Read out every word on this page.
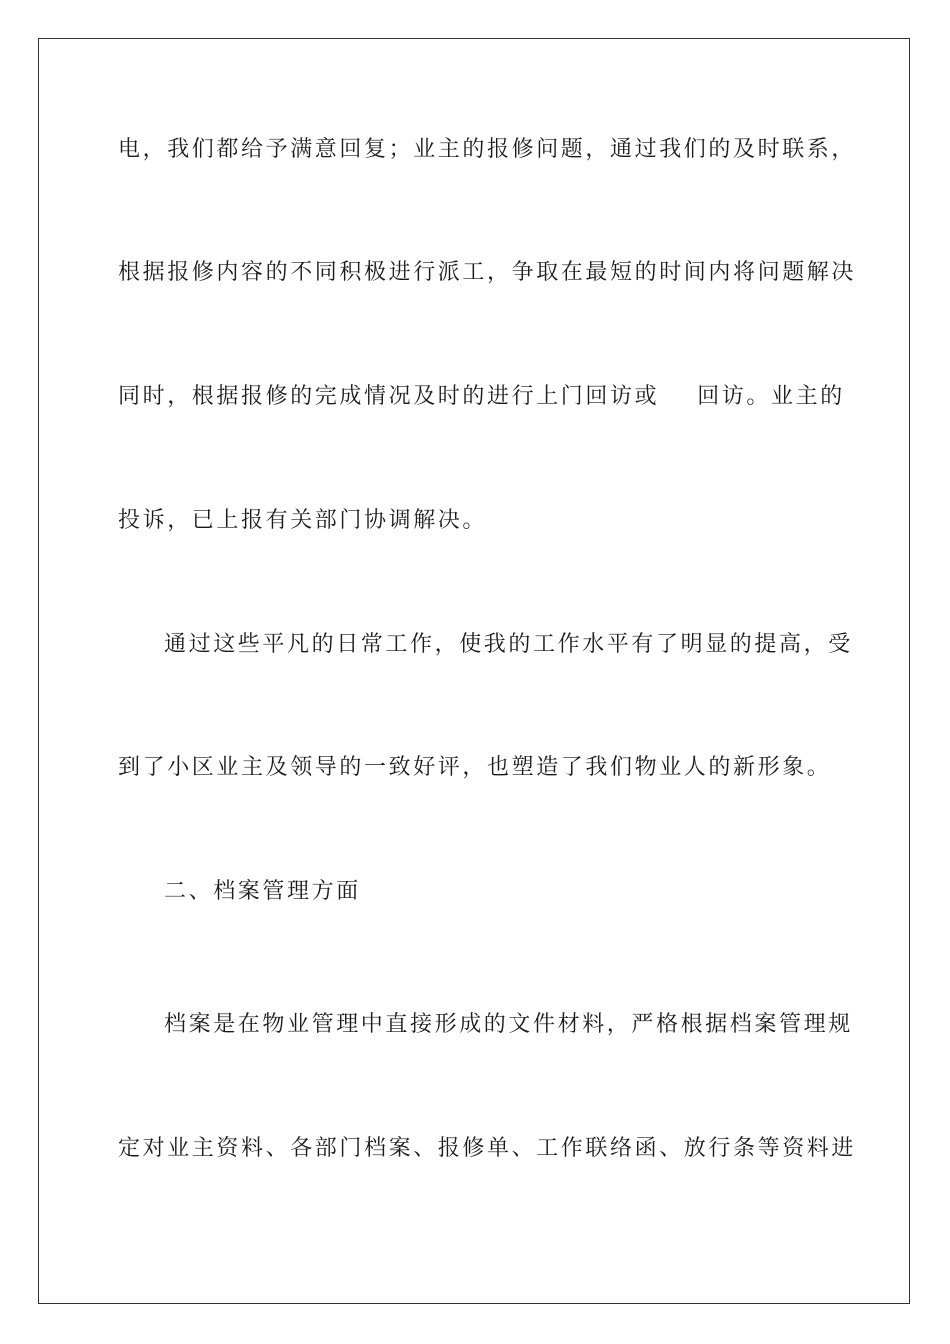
电，我们都给予满意回复；业主的报修问题，通过我们的及时联系，
根据报修内容的不同积极进行派工，争取在最短的时间内将问题解决
同时，根据报修的完成情况及时的进行上门回访或 回访。业主的
投诉，已上报有关部门协调解决。
通过这些平凡的日常工作，使我的工作水平有了明显的提高，受
到了小区业主及领导的一致好评，也塑造了我们物业人的新形象。
二、档案管理方面
档案是在物业管理中直接形成的文件材料，严格根据档案管理规
定对业主资料、各部门档案、报修单、工作联络函、放行条等资料进
